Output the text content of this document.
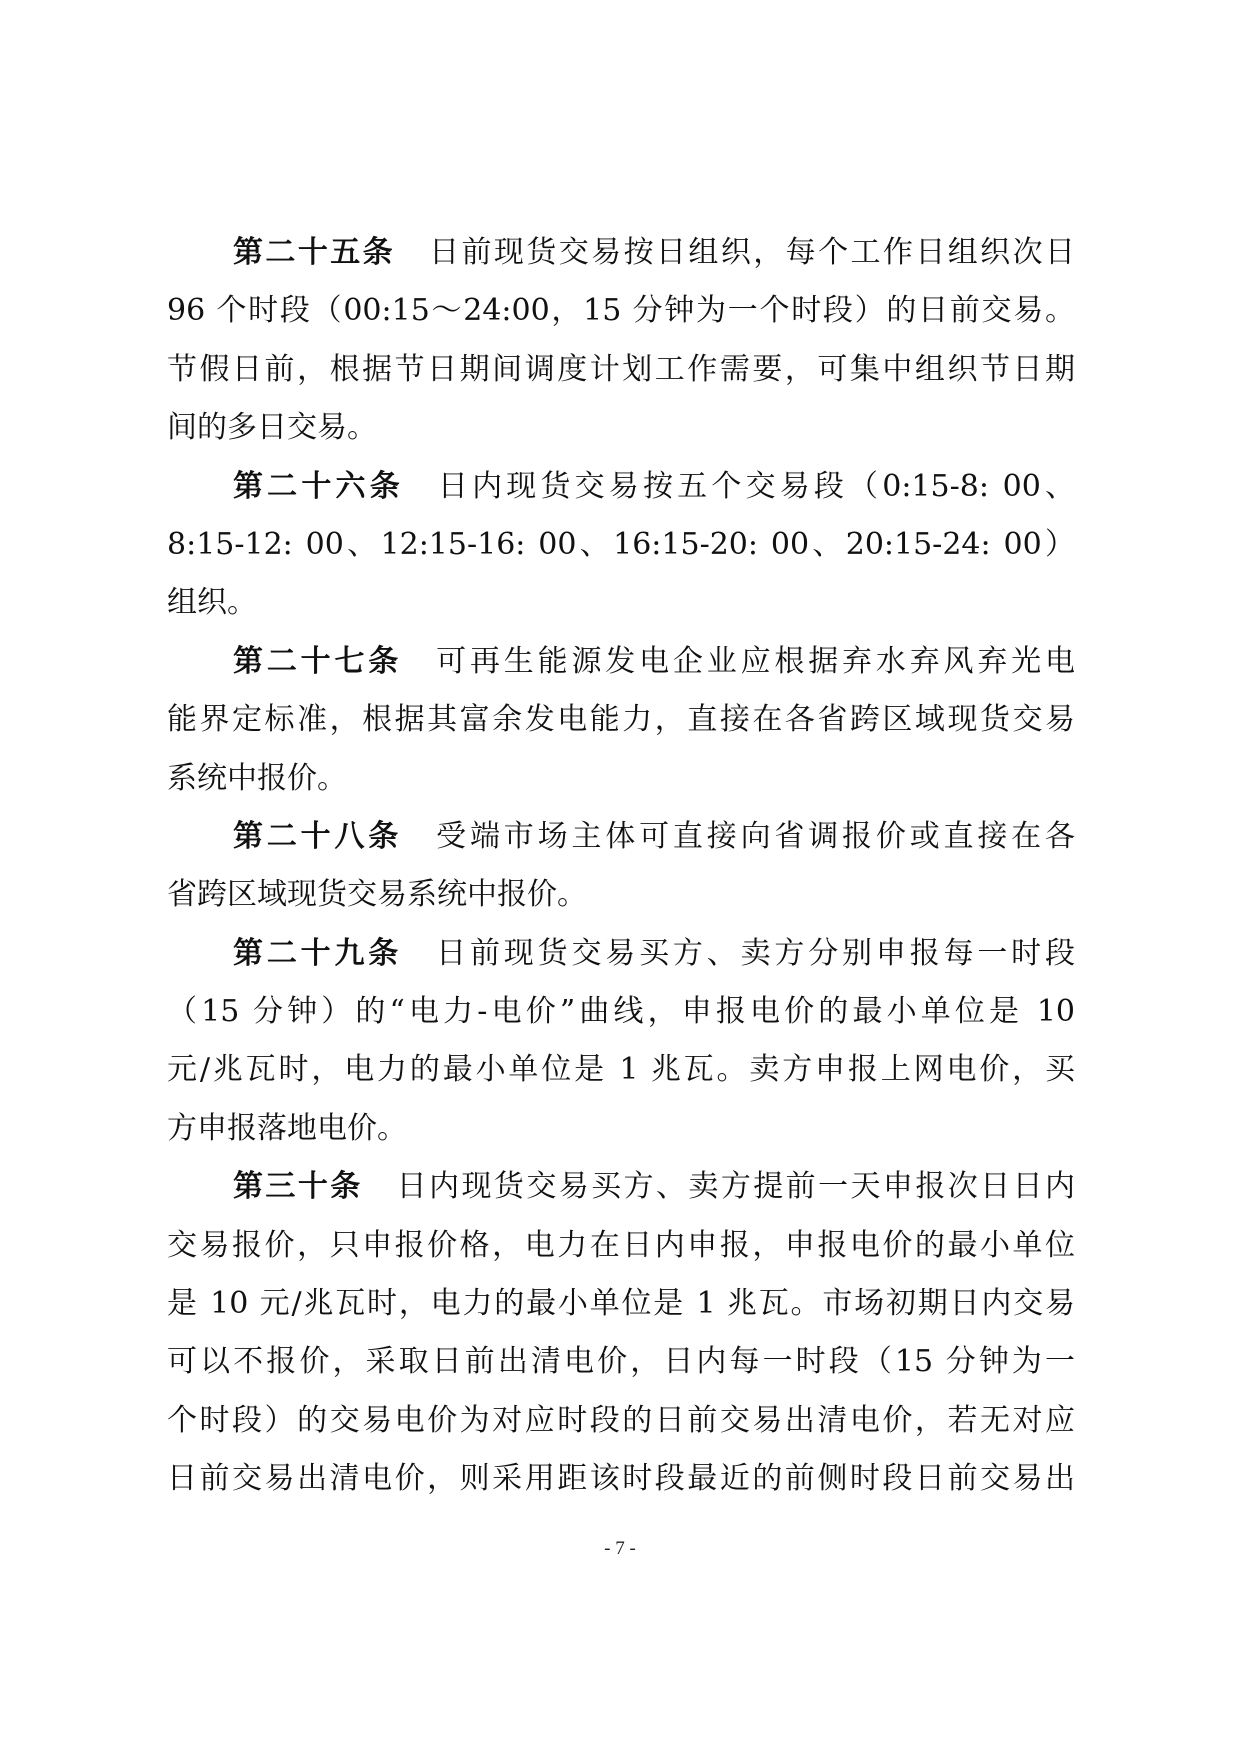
第二十五条 日前现货交易按日组织，每个工作日组织次日
96 个时段（00:15～24:00，15 分钟为一个时段）的日前交易。
节假日前，根据节日期间调度计划工作需要，可集中组织节日期
间的多日交易。
第二十六条 日内现货交易按五个交易段（0:15-8: 00、
8:15-12: 00、12:15-16: 00、16:15-20: 00、20:15-24: 00）
组织。
第二十七条 可再生能源发电企业应根据弃水弃风弃光电
能界定标准，根据其富余发电能力，直接在各省跨区域现货交易
系统中报价。
第二十八条 受端市场主体可直接向省调报价或直接在各
省跨区域现货交易系统中报价。
第二十九条 日前现货交易买方、卖方分别申报每一时段
（15 分钟）的“电力-电价”曲线，申报电价的最小单位是 10
元/兆瓦时，电力的最小单位是 1 兆瓦。卖方申报上网电价，买
方申报落地电价。
第三十条 日内现货交易买方、卖方提前一天申报次日日内
交易报价，只申报价格，电力在日内申报，申报电价的最小单位
是 10 元/兆瓦时，电力的最小单位是 1 兆瓦。市场初期日内交易
可以不报价，采取日前出清电价，日内每一时段（15 分钟为一
个时段）的交易电价为对应时段的日前交易出清电价，若无对应
日前交易出清电价，则采用距该时段最近的前侧时段日前交易出
- 7 -
